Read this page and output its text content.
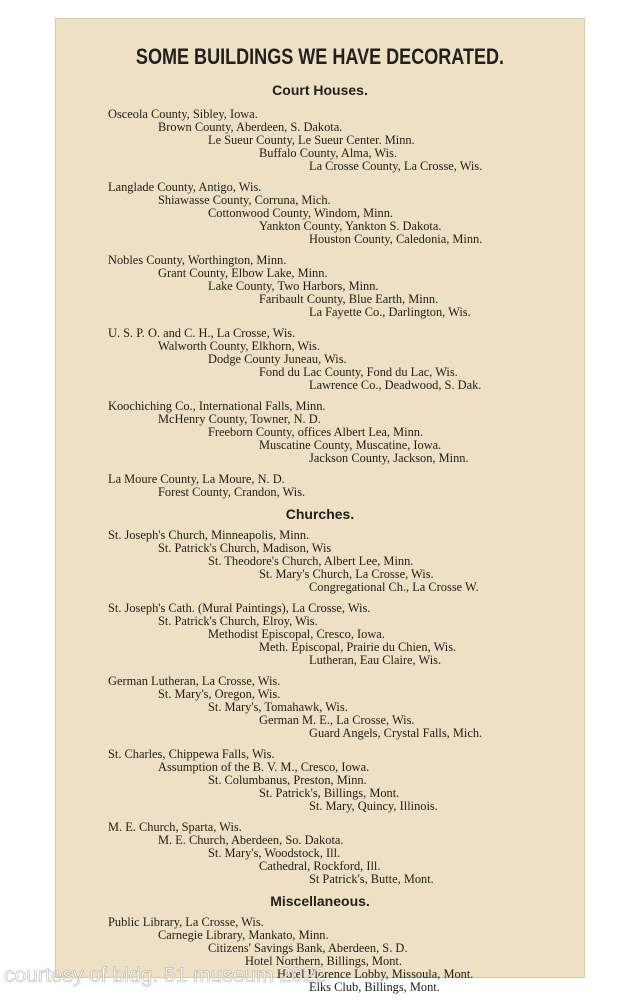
SOME BUILDINGS WE HAVE DECORATED.
Court Houses.
Osceola County, Sibley, Iowa.
Brown County, Aberdeen, S. Dakota.
Le Sueur County, Le Sueur Center. Minn.
Buffalo County, Alma, Wis.
La Crosse County, La Crosse, Wis.
Langlade County, Antigo, Wis.
Shiawasse County, Corruna, Mich.
Cottonwood County, Windom, Minn.
Yankton County, Yankton S. Dakota.
Houston County, Caledonia, Minn.
Nobles County, Worthington, Minn.
Grant County, Elbow Lake, Minn.
Lake County, Two Harbors, Minn.
Faribault County, Blue Earth, Minn.
La Fayette Co., Darlington, Wis.
U. S. P. O. and C. H., La Crosse, Wis.
Walworth County, Elkhorn, Wis.
Dodge County Juneau, Wis.
Fond du Lac County, Fond du Lac, Wis.
Lawrence Co., Deadwood, S. Dak.
Koochiching Co., International Falls, Minn.
McHenry County, Towner, N. D.
Freeborn County, offices Albert Lea, Minn.
Muscatine County, Muscatine, Iowa.
Jackson County, Jackson, Minn.
La Moure County, La Moure, N. D.
Forest County, Crandon, Wis.
Churches.
St. Joseph's Church, Minneapolis, Minn.
St. Patrick's Church, Madison, Wis
St. Theodore's Church, Albert Lee, Minn.
St. Mary's Church, La Crosse, Wis.
Congregational Ch., La Crosse W.
St. Joseph's Cath. (Mural Paintings), La Crosse, Wis.
St. Patrick's Church, Elroy, Wis.
Methodist Episcopal, Cresco, Iowa.
Meth. Episcopal, Prairie du Chien, Wis.
Lutheran, Eau Claire, Wis.
German Lutheran, La Crosse, Wis.
St. Mary's, Oregon, Wis.
St. Mary's, Tomahawk, Wis.
German M. E., La Crosse, Wis.
Guard Angels, Crystal Falls, Mich.
St. Charles, Chippewa Falls, Wis.
Assumption of the B. V. M., Cresco, Iowa.
St. Columbanus, Preston, Minn.
St. Patrick's, Billings, Mont.
St. Mary, Quincy, Illinois.
M. E. Church, Sparta, Wis.
M. E. Church, Aberdeen, So. Dakota.
St. Mary's, Woodstock, Ill.
Cathedral, Rockford, Ill.
St Patrick's, Butte, Mont.
Miscellaneous.
Public Library, La Crosse, Wis.
Carnegie Library, Mankato, Minn.
Citizens' Savings Bank, Aberdeen, S. D.
Hotel Northern, Billings, Mont.
Hotel Florence Lobby, Missoula, Mont.
Elks Club, Billings, Mont.
courtesy of bldg. 51 museum 2022
